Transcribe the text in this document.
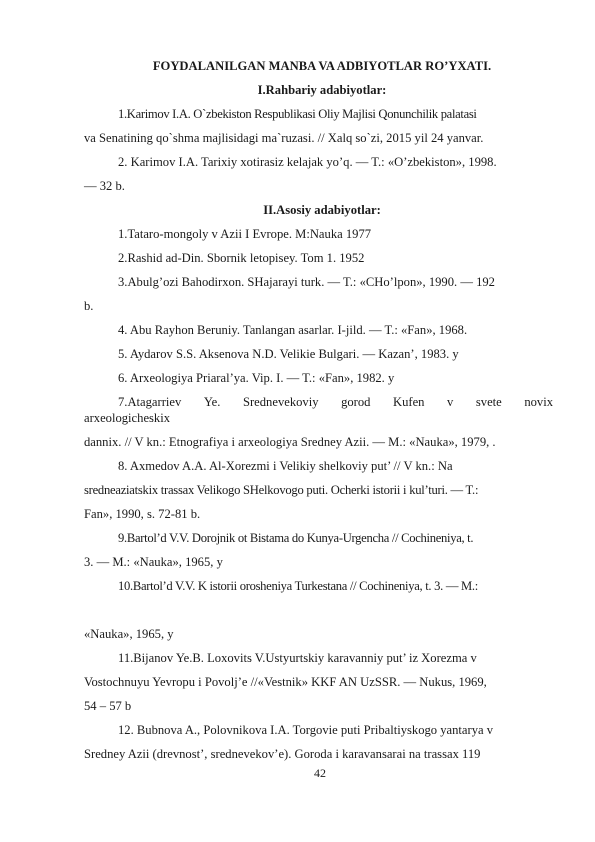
FOYDALANILGAN MANBA VA ADBIYOTLAR RO’YXATI.
I.Rahbariy adabiyotlar:
1.Karimov I.A. O`zbekiston Respublikasi Oliy Majlisi Qonunchilik palatasi
va Senatining qo`shma majlisidagi ma`ruzasi. // Xalq so`zi, 2015 yil 24 yanvar.
2. Karimov I.A. Tarixiy xotirasiz kelajak yo’q. — T.: «O’zbekiston», 1998.
— 32 b.
II.Asosiy adabiyotlar:
1.Tataro-mongoly v Azii I Evrope. M:Nauka 1977
2.Rashid ad-Din. Sbornik letopisey. Tom 1. 1952
3.Abulg’ozi Bahodirxon. SHajarayi turk. — T.: «CHo’lpon», 1990. — 192
b.
4. Abu Rayhon Beruniy. Tanlangan asarlar. I-jild. — T.: «Fan», 1968.
5. Aydarov S.S. Aksenova N.D. Velikie Bulgari. — Kazan’, 1983. y
6. Arxeologiya Priaral’ya. Vip. I. — T.: «Fan», 1982. y
7.Atagarriev Ye. Srednevekoviy gorod Kufen v svete novix
arxeologicheskix
dannix. // V kn.: Etnografiya i arxeologiya Sredney Azii. — M.: «Nauka», 1979, .
8. Axmedov A.A. Al-Xorezmi i Velikiy shelkoviy put’ // V kn.: Na
sredneaziatskix trassax Velikogo SHelkovogo puti. Ocherki istorii i kul’turi. — T.:
Fan», 1990, s. 72-81 b.
9.Bartol’d V.V. Dorojnik ot Bistama do Kunya-Urgencha // Cochineniya, t.
3. — M.: «Nauka», 1965, y
10.Bartol’d V.V. K istorii orosheniya Turkestana // Cochineniya, t. 3. — M.:
«Nauka», 1965, y
11.Bijanov Ye.B. Loxovits V.Ustyurtskiy karavanniy put’ iz Xorezma v
Vostochnuyu Yevropu i Povolj’e //«Vestnik» KKF AN UzSSR. — Nukus, 1969,
54 – 57 b
12. Bubnova A., Polovnikova I.A. Torgovie puti Pribaltiyskogo yantarya v
Sredney Azii (drevnost’, srednevekov’e). Goroda i karavansarai na trassax 119
42
